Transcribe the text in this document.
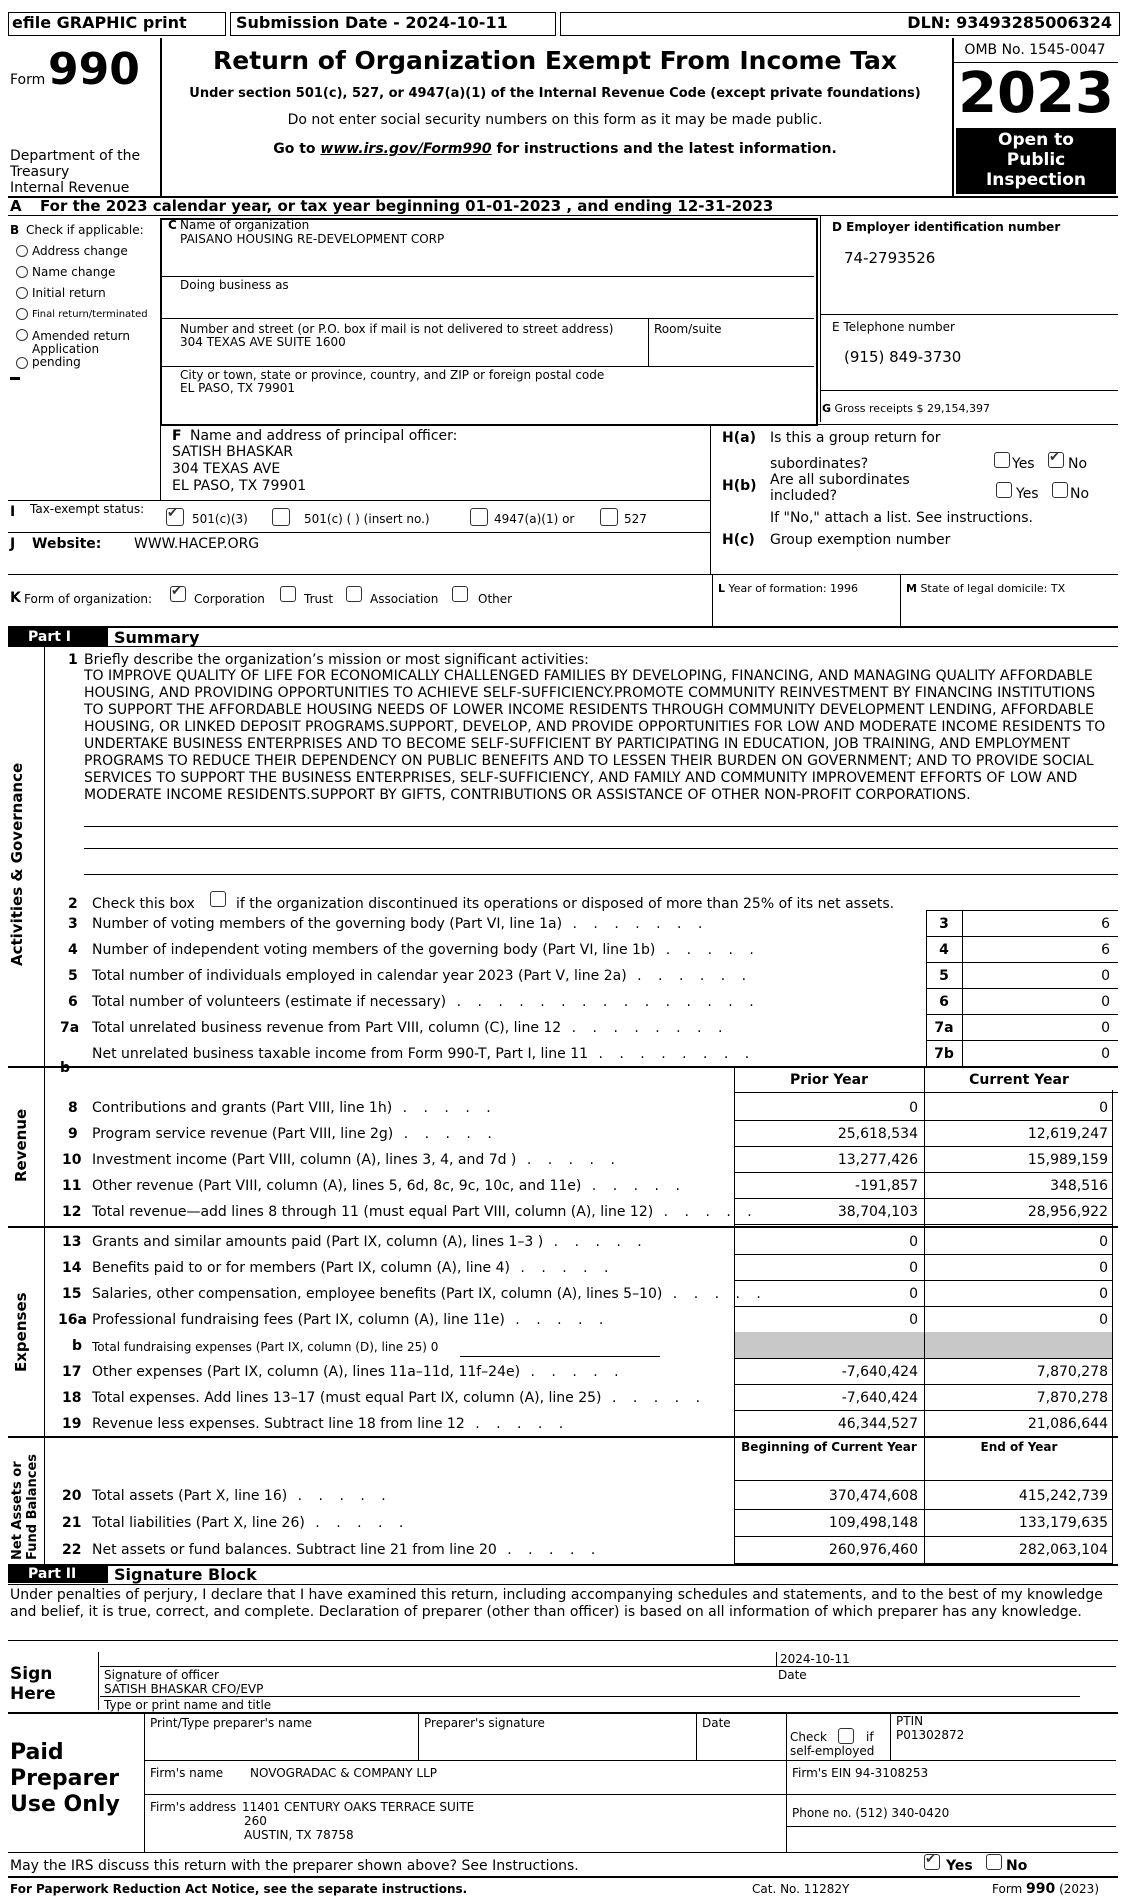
efile GRAPHIC print	Submission Date - 2024-10-11	DLN: 93493285006324
Form 990
Department of the Treasury
Internal Revenue
Return of Organization Exempt From Income Tax
Under section 501(c), 527, or 4947(a)(1) of the Internal Revenue Code (except private foundations)
Do not enter social security numbers on this form as it may be made public.
Go to www.irs.gov/Form990 for instructions and the latest information.
OMB No. 1545-0047
2023
Open to Public Inspection
A For the 2023 calendar year, or tax year beginning 01-01-2023 , and ending 12-31-2023
B Check if applicable:
Address change
Name change
Initial return
Final return/terminated
Amended return
Application pending
C Name of organization
PAISANO HOUSING RE-DEVELOPMENT CORP
Doing business as
Number and street (or P.O. box if mail is not delivered to street address)
304 TEXAS AVE SUITE 1600
Room/suite
City or town, state or province, country, and ZIP or foreign postal code
EL PASO, TX 79901
D Employer identification number
74-2793526
E Telephone number
(915) 849-3730
G Gross receipts $ 29,154,397
F Name and address of principal officer:
SATISH BHASKAR
304 TEXAS AVE
EL PASO, TX 79901
H(a) Is this a group return for
subordinates?	Yes ✔ No
H(b) Are all subordinates
included?	Yes No
If "No," attach a list. See instructions.
H(c) Group exemption number
I Tax-exempt status:
✔
501(c)(3)	501(c) ( ) (insert no.)	4947(a)(1) or	527
J Website: WWW.HACEP.ORG
K Form of organization: ✔	Corporation	Trust	Association	Other
L Year of formation: 1996	M State of legal domicile: TX
Part I	Summary
Activities & Governance
1 Briefly describe the organization’s mission or most significant activities:
TO IMPROVE QUALITY OF LIFE FOR ECONOMICALLY CHALLENGED FAMILIES BY DEVELOPING, FINANCING, AND MANAGING QUALITY AFFORDABLE HOUSING, AND PROVIDING OPPORTUNITIES TO ACHIEVE SELF-SUFFICIENCY.PROMOTE COMMUNITY REINVESTMENT BY FINANCING INSTITUTIONS TO SUPPORT THE AFFORDABLE HOUSING NEEDS OF LOWER INCOME RESIDENTS THROUGH COMMUNITY DEVELOPMENT LENDING, AFFORDABLE HOUSING, OR LINKED DEPOSIT PROGRAMS.SUPPORT, DEVELOP, AND PROVIDE OPPORTUNITIES FOR LOW AND MODERATE INCOME RESIDENTS TO UNDERTAKE BUSINESS ENTERPRISES AND TO BECOME SELF-SUFFICIENT BY PARTICIPATING IN EDUCATION, JOB TRAINING, AND EMPLOYMENT PROGRAMS TO REDUCE THEIR DEPENDENCY ON PUBLIC BENEFITS AND TO LESSEN THEIR BURDEN ON GOVERNMENT; AND TO PROVIDE SOCIAL SERVICES TO SUPPORT THE BUSINESS ENTERPRISES, SELF-SUFFICIENCY, AND FAMILY AND COMMUNITY IMPROVEMENT EFFORTS OF LOW AND MODERATE INCOME RESIDENTS.SUPPORT BY GIFTS, CONTRIBUTIONS OR ASSISTANCE OF OTHER NON-PROFIT CORPORATIONS.
2 Check this box	if the organization discontinued its operations or disposed of more than 25% of its net assets.
3 Number of voting members of the governing body (Part VI, line 1a) . . . . . . .	3	6
4 Number of independent voting members of the governing body (Part VI, line 1b) . . . . .	4	6
5 Total number of individuals employed in calendar year 2023 (Part V, line 2a) . . . . . .	5	0
6 Total number of volunteers (estimate if necessary) . . . . . . . . . . . . . . .	6	0
7a Total unrelated business revenue from Part VIII, column (C), line 12 . . . . . . . .	7a	0
Net unrelated business taxable income from Form 990-T, Part I, line 11 . . . . . . . .	7b	0
b
Revenue
Prior Year	Current Year
8 Contributions and grants (Part VIII, line 1h) . . . . .	0	0
9 Program service revenue (Part VIII, line 2g) . . . . .	25,618,534	12,619,247
10 Investment income (Part VIII, column (A), lines 3, 4, and 7d ) . . . . .	13,277,426	15,989,159
11 Other revenue (Part VIII, column (A), lines 5, 6d, 8c, 9c, 10c, and 11e) . . . . .	-191,857	348,516
12 Total revenue—add lines 8 through 11 (must equal Part VIII, column (A), line 12) . . . . .	38,704,103	28,956,922
Expenses
13 Grants and similar amounts paid (Part IX, column (A), lines 1–3 ) . . . . .	0	0
14 Benefits paid to or for members (Part IX, column (A), line 4) . . . . .	0	0
15 Salaries, other compensation, employee benefits (Part IX, column (A), lines 5–10) . . . . .	0	0
16a Professional fundraising fees (Part IX, column (A), line 11e) . . . . .	0	0
b Total fundraising expenses (Part IX, column (D), line 25) 0
17 Other expenses (Part IX, column (A), lines 11a–11d, 11f–24e) . . . . .	-7,640,424	7,870,278
18 Total expenses. Add lines 13–17 (must equal Part IX, column (A), line 25) . . . . .	-7,640,424	7,870,278
19 Revenue less expenses. Subtract line 18 from line 12 . . . . .	46,344,527	21,086,644
Net Assets or Fund Balances
Beginning of Current Year	End of Year
20 Total assets (Part X, line 16) . . . . .	370,474,608	415,242,739
21 Total liabilities (Part X, line 26) . . . . .	109,498,148	133,179,635
22 Net assets or fund balances. Subtract line 21 from line 20 . . . . .	260,976,460	282,063,104
Part II	Signature Block
Under penalties of perjury, I declare that I have examined this return, including accompanying schedules and statements, and to the best of my knowledge and belief, it is true, correct, and complete. Declaration of preparer (other than officer) is based on all information of which preparer has any knowledge.
Sign
Here
2024-10-11
Signature of officer	Date
SATISH BHASKAR CFO/EVP
Type or print name and title
Paid
Preparer
Use Only
Print/Type preparer's name	Preparer's signature	Date
Check	if
self-employed
PTIN
P01302872
Firm's name NOVOGRADAC & COMPANY LLP	Firm's EIN 94-3108253
Firm's address 11401 CENTURY OAKS TERRACE SUITE
260
AUSTIN, TX 78758
Phone no. (512) 340-0420
May the IRS discuss this return with the preparer shown above? See Instructions. ✔	Yes No
For Paperwork Reduction Act Notice, see the separate instructions.	Cat. No. 11282Y	Form 990 (2023)
